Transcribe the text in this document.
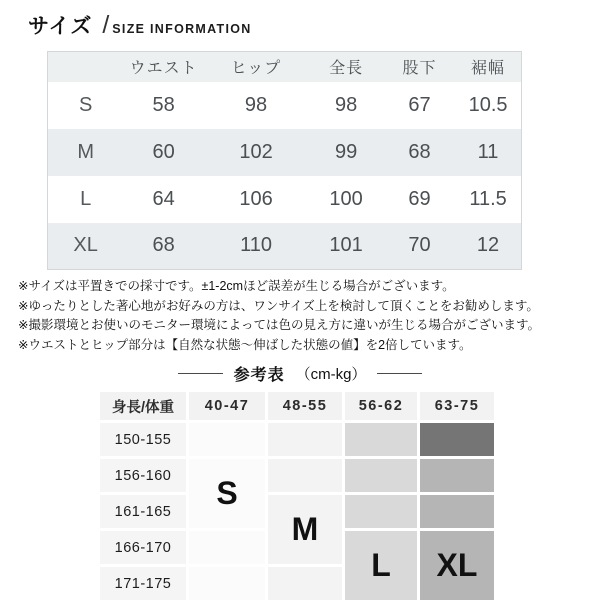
サイズ / SIZE INFORMATION
	ウエスト	ヒップ	全長	股下	裾幅
S	58	98	98	67	10.5
M	60	102	99	68	11
L	64	106	100	69	11.5
XL	68	110	101	70	12
※サイズは平置きでの採寸です。±1-2cmほど誤差が生じる場合がございます。
※ゆったりとした著心地がお好みの方は、ワンサイズ上を検討して頂くことをお勧めします。
※撮影環境とお使いのモニター環境によっては色の見え方に違いが生じる場合がございます。
※ウエストとヒップ部分は【自然な状態〜伸ばした状態の値】を2倍しています。
参考表 （cm-kg）
身長/体重	40-47	48-55	56-62	63-75
150-155				
156-160	S			
161-165		M		
166-170			L	XL
171-175				
